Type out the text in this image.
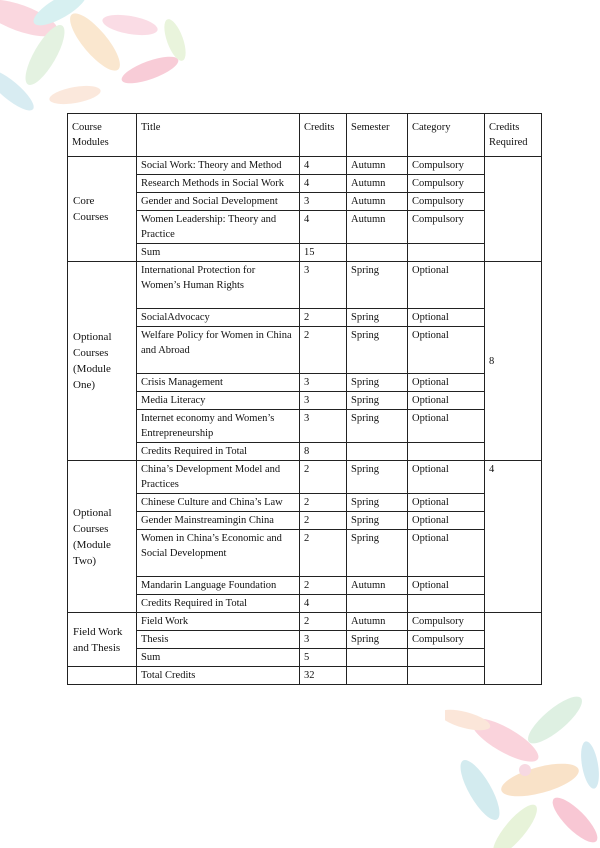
Course Modules	Title	Credits	Semester	Category	Credits Required
Core Courses	Social Work: Theory and Method	4	Autumn	Compulsory	
	Research Methods in Social Work	4	Autumn	Compulsory	
	Gender and Social Development	3	Autumn	Compulsory	
	Women Leadership: Theory and Practice	4	Autumn	Compulsory	
	Sum	15			
Optional Courses (Module One)	International Protection for Women’s Human Rights	3	Spring	Optional	8
	SocialAdvocacy	2	Spring	Optional	
	Welfare Policy for Women in China and Abroad	2	Spring	Optional	
	Crisis Management	3	Spring	Optional	
	Media Literacy	3	Spring	Optional	
	Internet economy and Women’s Entrepreneurship	3	Spring	Optional	
	Credits Required in Total	8			
Optional Courses (Module Two)	China’s Development Model and Practices	2	Spring	Optional	4
	Chinese Culture and China’s Law	2	Spring	Optional	
	Gender Mainstreamingin China	2	Spring	Optional	
	Women in China’s Economic and Social Development	2	Spring	Optional	
	Mandarin Language Foundation	2	Autumn	Optional	
	Credits Required in Total	4			
Field Work and Thesis	Field Work	2	Autumn	Compulsory	
	Thesis	3	Spring	Compulsory	
	Sum	5			
	Total Credits	32			
